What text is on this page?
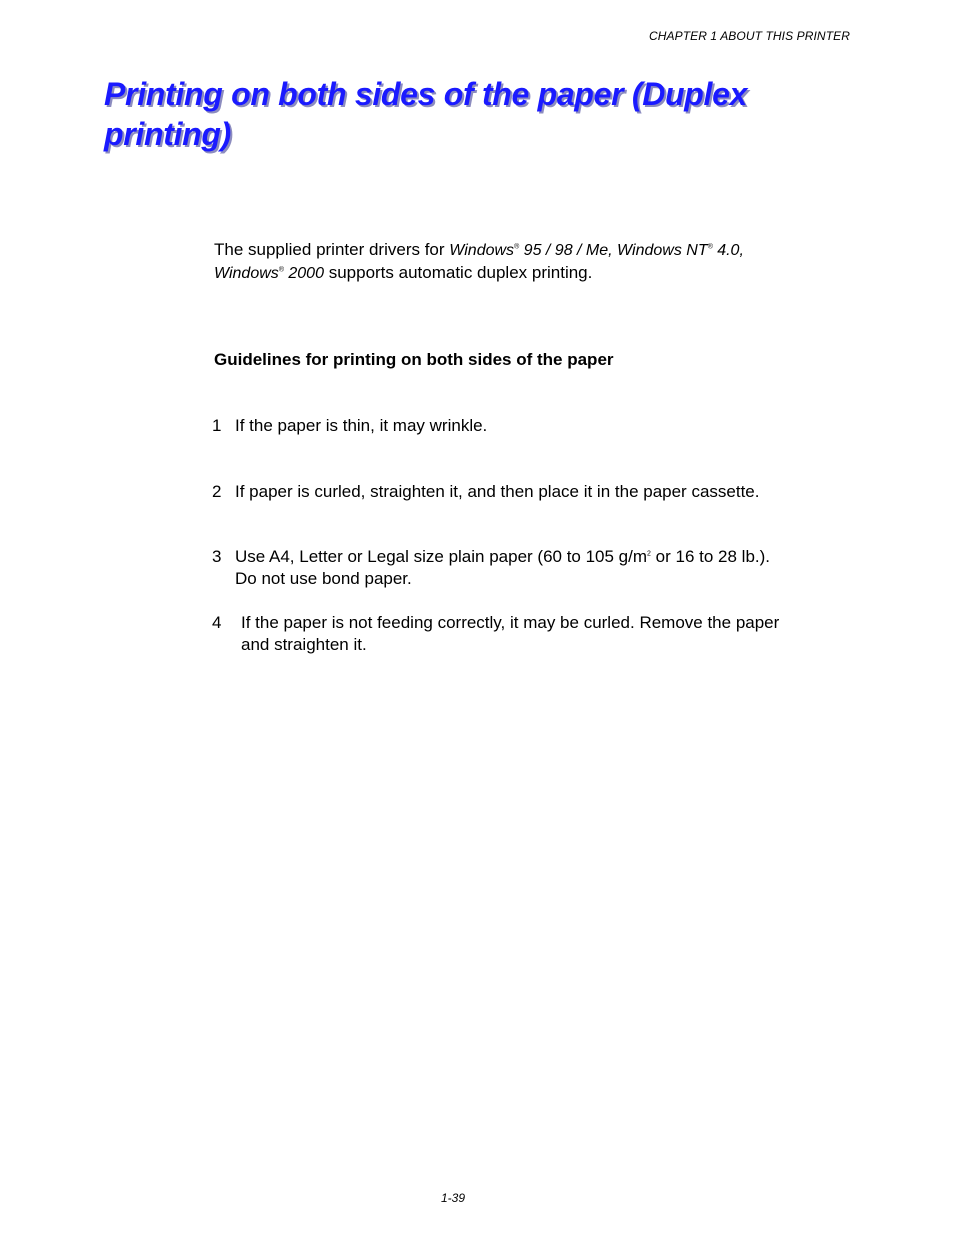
CHAPTER 1 ABOUT THIS PRINTER
Printing on both sides of the paper (Duplex
printing)

The supplied printer drivers for Windows® 95 / 98 / Me, Windows NT® 4.0,
Windows® 2000 supports automatic duplex printing.

Guidelines for printing on both sides of the paper
1 If the paper is thin, it may wrinkle.
2 If paper is curled, straighten it, and then place it in the paper cassette.
3 Use A4, Letter or Legal size plain paper (60 to 105 $g/m^2$ or 16 to 28 lb.).
Do not use bond paper.
4	If the paper is not feeding correctly, it may be curled. Remove the paper
and straighten it.
1-39
